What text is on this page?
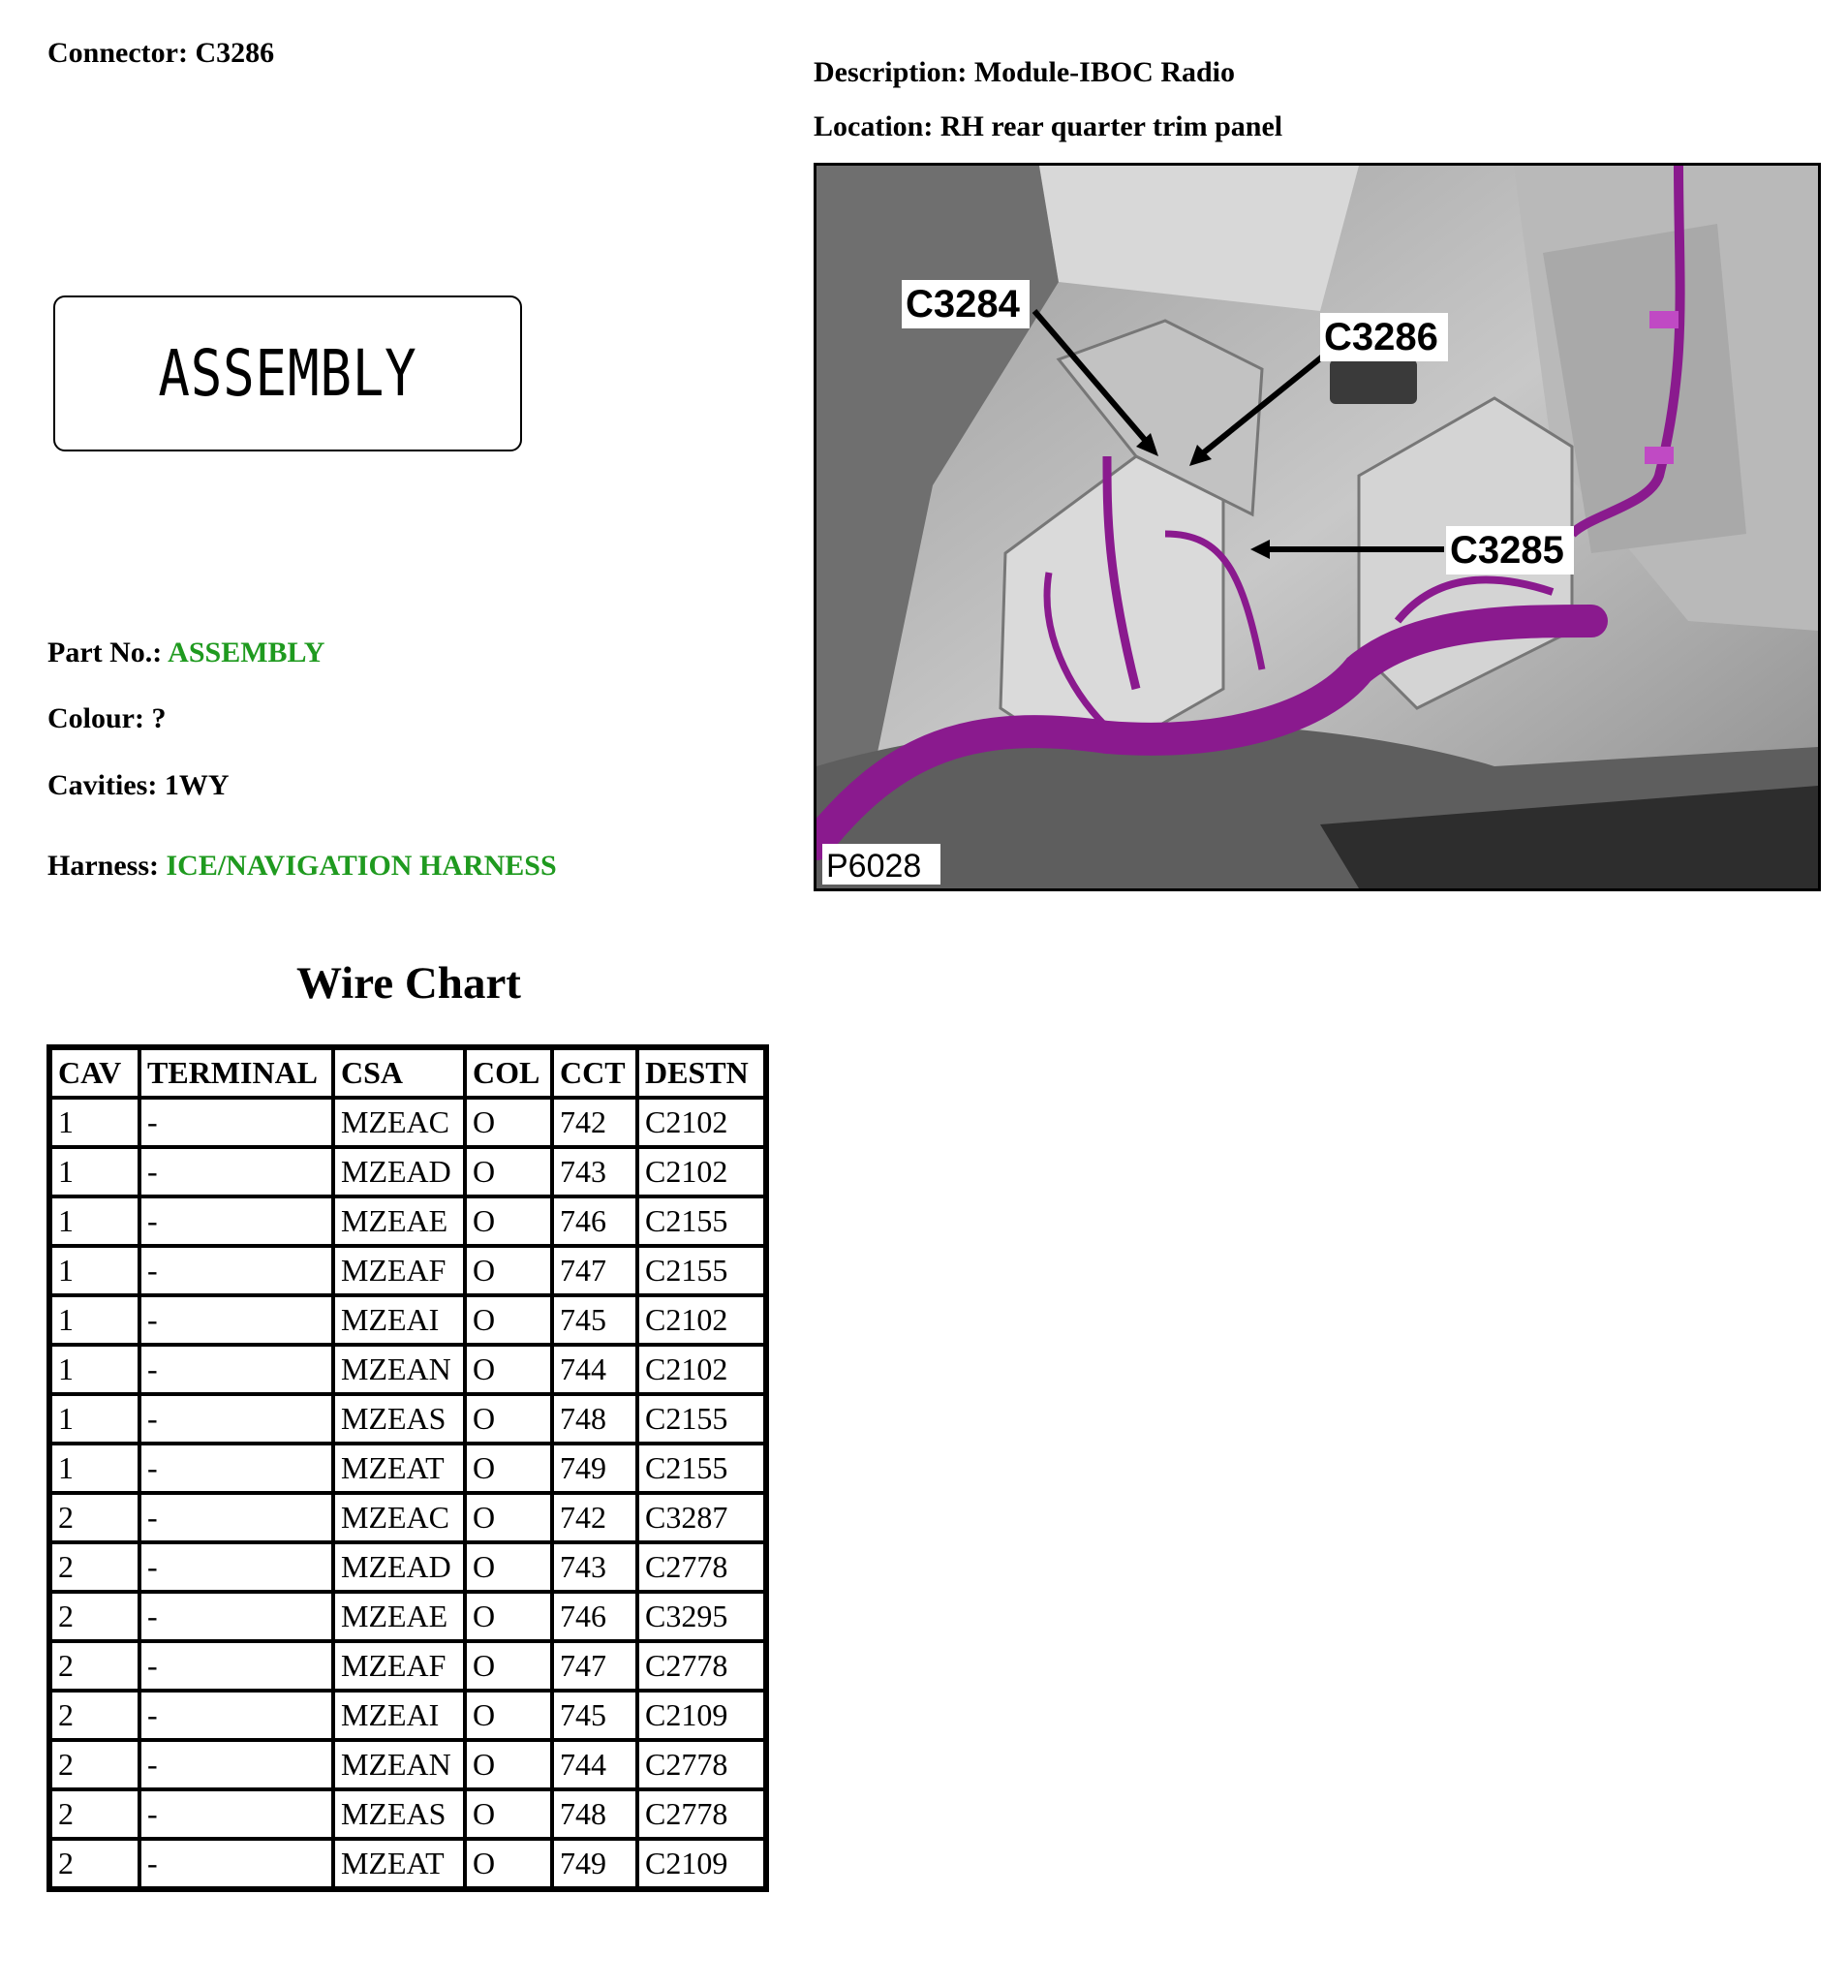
Connector: C3286
Description: Module-IBOC Radio
Location: RH rear quarter trim panel
ASSEMBLY
Part No.: ASSEMBLY
Colour: ?
Cavities: 1WY
Harness: ICE/NAVIGATION HARNESS
C3284
C3286
C3285
P6028
Wire Chart
CAV	TERMINAL	CSA	COL	CCT	DESTN
1	-	MZEAC	O	742	C2102
1	-	MZEAD	O	743	C2102
1	-	MZEAE	O	746	C2155
1	-	MZEAF	O	747	C2155
1	-	MZEAI	O	745	C2102
1	-	MZEAN	O	744	C2102
1	-	MZEAS	O	748	C2155
1	-	MZEAT	O	749	C2155
2	-	MZEAC	O	742	C3287
2	-	MZEAD	O	743	C2778
2	-	MZEAE	O	746	C3295
2	-	MZEAF	O	747	C2778
2	-	MZEAI	O	745	C2109
2	-	MZEAN	O	744	C2778
2	-	MZEAS	O	748	C2778
2	-	MZEAT	O	749	C2109
